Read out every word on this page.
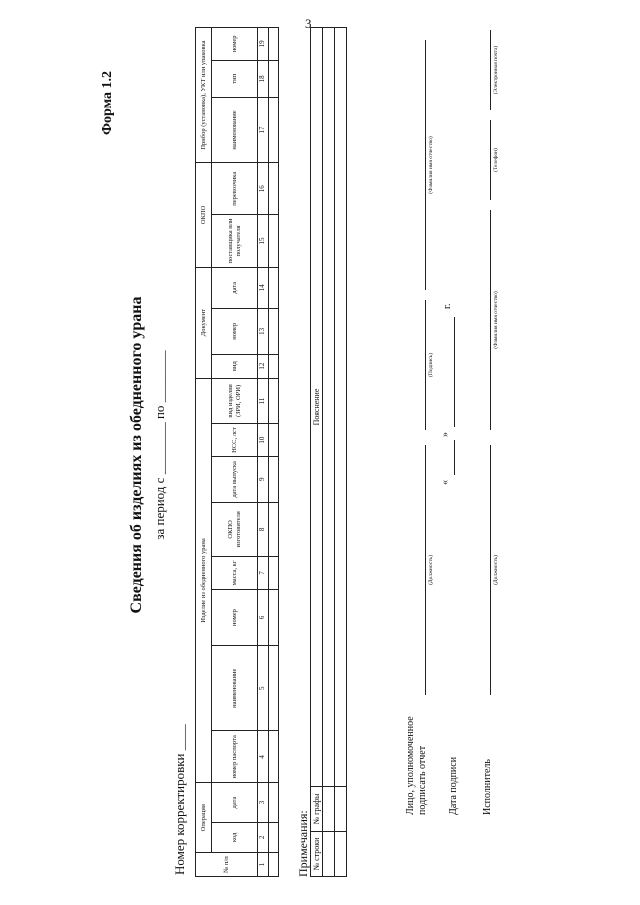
3
Форма 1.2
Сведения об изделиях из обедненного урана за период с ________ по ________
Номер корректировки ____	№ п/п	Операция		Изделие из обедненного урана								Документ			ОКПО		Прибор (установка), УКТ или упаковка		
	код	дата	номер паспорта	наименование	номер	масса, кг	ОКПО изготовителя	дата выпуска	НСС, лст	вид изделия (ЗРИ, ОРИ)	вид	номер	дата	поставщика или получателя	перевозчика	наименование	тип	номер
1	2	3	4	5	6	7	8	9	10	11	12	13	14	15	16	17	18	19

Примечания: № строки	№ графы	Пояснение

Лицо, уполномоченное подписать отчет
(Должность)
(Подпись)
(Фамилия имя отчество)
Дата подписи
«
»
г.
Исполнитель
(Должность)
(Фамилия имя отчество)
(Телефон)
(Электронная почта)
